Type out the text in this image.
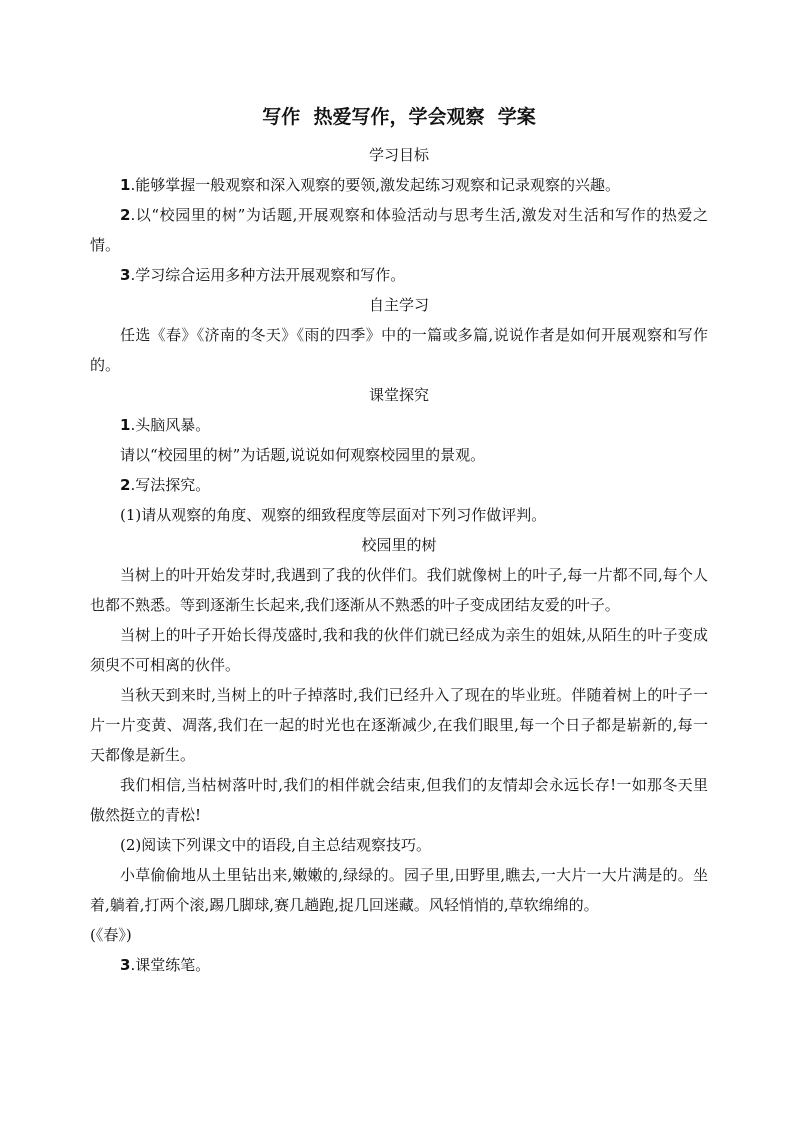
写作  热爱写作，学会观察  学案
学习目标
1.能够掌握一般观察和深入观察的要领,激发起练习观察和记录观察的兴趣。
2.以“校园里的树”为话题,开展观察和体验活动与思考生活,激发对生活和写作的热爱之情。
3.学习综合运用多种方法开展观察和写作。
自主学习
任选《春》《济南的冬天》《雨的四季》中的一篇或多篇,说说作者是如何开展观察和写作的。
课堂探究
1.头脑风暴。
请以“校园里的树”为话题,说说如何观察校园里的景观。
2.写法探究。
(1)请从观察的角度、观察的细致程度等层面对下列习作做评判。
校园里的树
当树上的叶开始发芽时,我遇到了我的伙伴们。我们就像树上的叶子,每一片都不同,每个人也都不熟悉。等到逐渐生长起来,我们逐渐从不熟悉的叶子变成团结友爱的叶子。
当树上的叶子开始长得茂盛时,我和我的伙伴们就已经成为亲生的姐妹,从陌生的叶子变成须臾不可相离的伙伴。
当秋天到来时,当树上的叶子掉落时,我们已经升入了现在的毕业班。伴随着树上的叶子一片一片变黄、凋落,我们在一起的时光也在逐渐减少,在我们眼里,每一个日子都是崭新的,每一天都像是新生。
我们相信,当枯树落叶时,我们的相伴就会结束,但我们的友情却会永远长存!一如那冬天里傲然挺立的青松!
(2)阅读下列课文中的语段,自主总结观察技巧。
小草偷偷地从土里钻出来,嫩嫩的,绿绿的。园子里,田野里,瞧去,一大片一大片满是的。坐着,躺着,打两个滚,踢几脚球,赛几趟跑,捉几回迷藏。风轻悄悄的,草软绵绵的。
(《春》)
3.课堂练笔。
